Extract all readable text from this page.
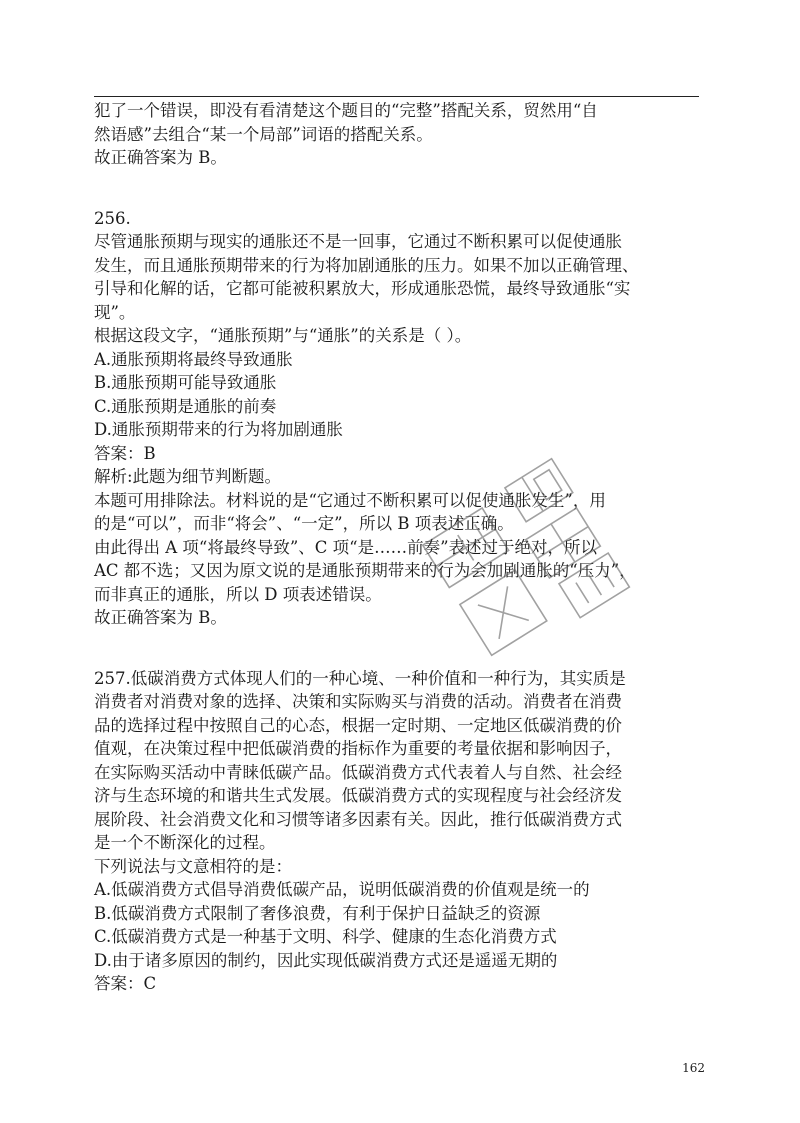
犯了一个错误，即没有看清楚这个题目的“完整”搭配关系，贸然用“自

然语感”去组合“某一个局部”词语的搭配关系。

故正确答案为 B。

256.

尽管通胀预期与现实的通胀还不是一回事，它通过不断积累可以促使通胀

发生，而且通胀预期带来的行为将加剧通胀的压力。如果不加以正确管理、

引导和化解的话，它都可能被积累放大，形成通胀恐慌，最终导致通胀“实

现”。

根据这段文字，“通胀预期”与“通胀”的关系是（ ）。

A.通胀预期将最终导致通胀

B.通胀预期可能导致通胀

C.通胀预期是通胀的前奏

D.通胀预期带来的行为将加剧通胀

答案：B

解析:此题为细节判断题。

本题可用排除法。材料说的是“它通过不断积累可以促使通胀发生”，用

的是“可以”，而非“将会”、“一定”，所以 B 项表述正确。

由此得出 A 项“将最终导致”、C 项“是……前奏”表述过于绝对，所以

AC 都不选；又因为原文说的是通胀预期带来的行为会加剧通胀的“压力”，

而非真正的通胀，所以 D 项表述错误。

故正确答案为 B。

257.低碳消费方式体现人们的一种心境、一种价值和一种行为，其实质是

消费者对消费对象的选择、决策和实际购买与消费的活动。消费者在消费

品的选择过程中按照自己的心态，根据一定时期、一定地区低碳消费的价

值观，在决策过程中把低碳消费的指标作为重要的考量依据和影响因子，

在实际购买活动中青睐低碳产品。低碳消费方式代表着人与自然、社会经

济与生态环境的和谐共生式发展。低碳消费方式的实现程度与社会经济发

展阶段、社会消费文化和习惯等诸多因素有关。因此，推行低碳消费方式

是一个不断深化的过程。

下列说法与文意相符的是：

A.低碳消费方式倡导消费低碳产品，说明低碳消费的价值观是统一的

B.低碳消费方式限制了奢侈浪费，有利于保护日益缺乏的资源

C.低碳消费方式是一种基于文明、科学、健康的生态化消费方式

D.由于诸多原因的制约，因此实现低碳消费方式还是遥遥无期的

答案：C

162
